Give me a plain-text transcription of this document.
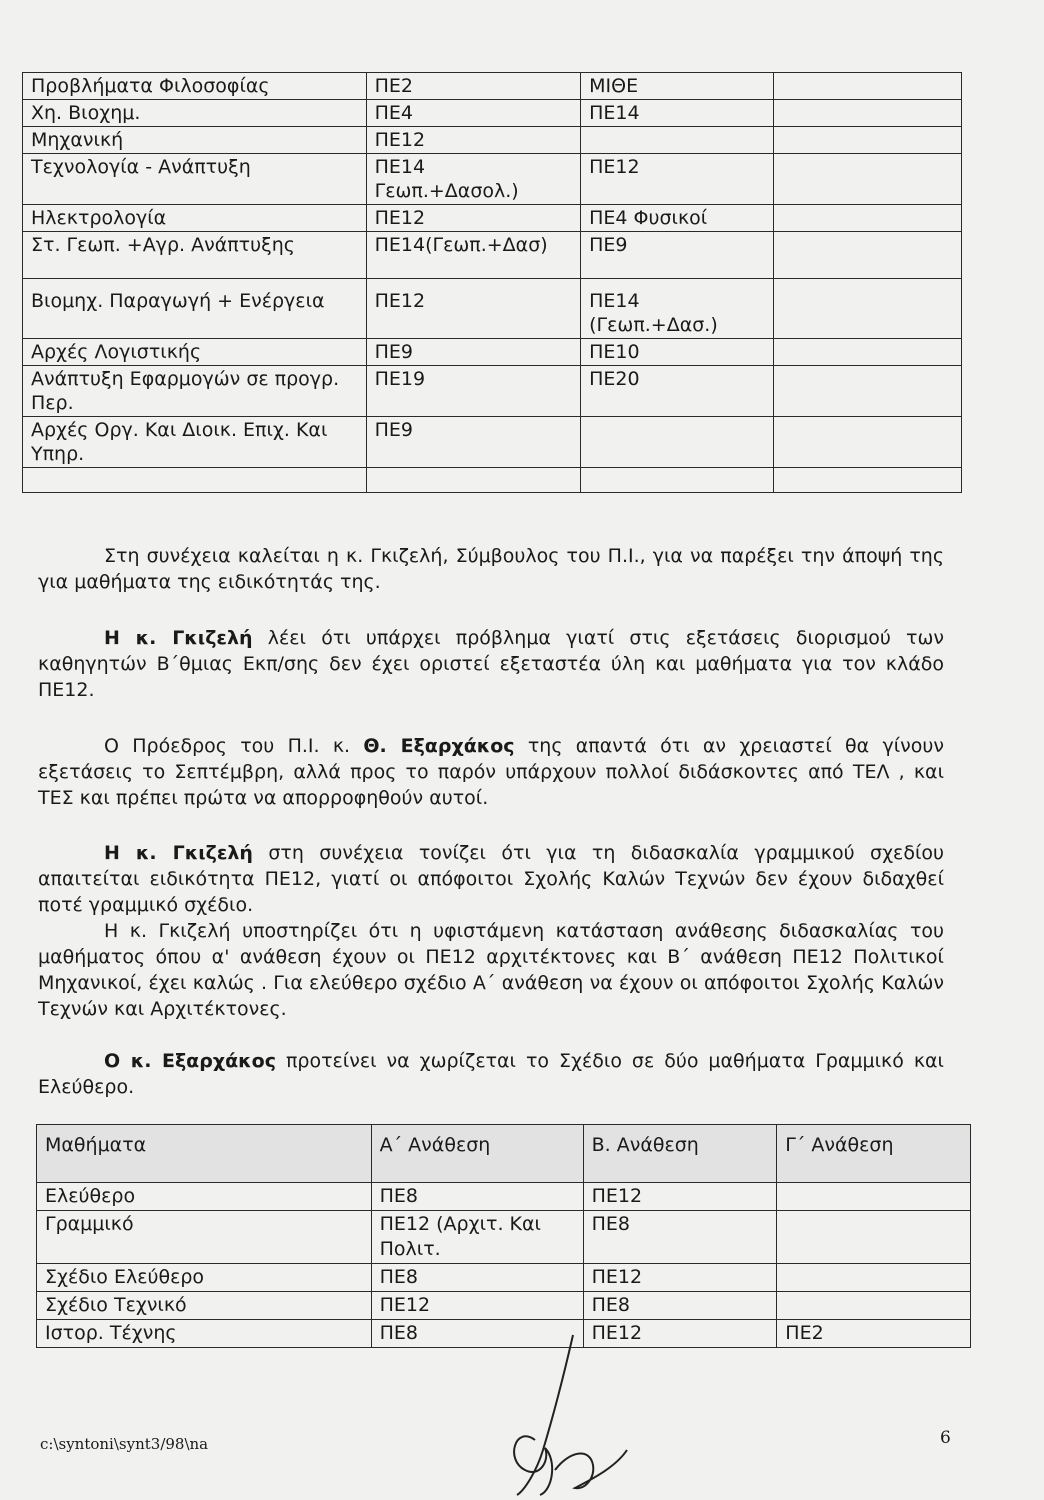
Προβλήματα Φιλοσοφίας	ΠΕ2	ΜΙΘΕ	
Χη. Βιοχημ.	ΠΕ4	ΠΕ14	
Μηχανική	ΠΕ12		
Τεχνολογία - Ανάπτυξη	ΠΕ14 Γεωπ.+Δασολ.)	ΠΕ12	
Ηλεκτρολογία	ΠΕ12	ΠΕ4 Φυσικοί	
Στ. Γεωπ. +Αγρ. Ανάπτυξης	ΠΕ14(Γεωπ.+Δασ)	ΠΕ9	
Βιομηχ. Παραγωγή + Ενέργεια	ΠΕ12	ΠΕ14 (Γεωπ.+Δασ.)	
Αρχές Λογιστικής	ΠΕ9	ΠΕ10	
Ανάπτυξη Εφαρμογών σε προγρ. Περ.	ΠΕ19	ΠΕ20	
Αρχές Οργ. Και Διοικ. Επιχ. Και Υπηρ.	ΠΕ9		

Στη συνέχεια καλείται η κ. Γκιζελή, Σύμβουλος του Π.Ι., για να παρέξει την άποψή της για μαθήματα της ειδικότητάς της.
Η κ. Γκιζελή λέει ότι υπάρχει πρόβλημα γιατί στις εξετάσεις διορισμού των καθηγητών Β΄θμιας Εκπ/σης δεν έχει οριστεί εξεταστέα ύλη και μαθήματα για τον κλάδο ΠΕ12.
Ο Πρόεδρος του Π.Ι. κ. Θ. Εξαρχάκος της απαντά ότι αν χρειαστεί θα γίνουν εξετάσεις το Σεπτέμβρη, αλλά προς το παρόν υπάρχουν πολλοί διδάσκοντες από ΤΕΛ , και ΤΕΣ και πρέπει πρώτα να απορροφηθούν αυτοί.
Η κ. Γκιζελή στη συνέχεια τονίζει ότι για τη διδασκαλία γραμμικού σχεδίου απαιτείται ειδικότητα ΠΕ12, γιατί οι απόφοιτοι Σχολής Καλών Τεχνών δεν έχουν διδαχθεί ποτέ γραμμικό σχέδιο.
Η κ. Γκιζελή υποστηρίζει ότι η υφιστάμενη κατάσταση ανάθεσης διδασκαλίας του μαθήματος όπου α' ανάθεση έχουν οι ΠΕ12 αρχιτέκτονες και Β΄ ανάθεση ΠΕ12 Πολιτικοί Μηχανικοί, έχει καλώς . Για ελεύθερο σχέδιο Α΄ ανάθεση να έχουν οι απόφοιτοι Σχολής Καλών Τεχνών και Αρχιτέκτονες.
Ο κ. Εξαρχάκος προτείνει να χωρίζεται το Σχέδιο σε δύο μαθήματα Γραμμικό και Ελεύθερο.
Μαθήματα	Α΄ Ανάθεση	Β. Ανάθεση	Γ΄ Ανάθεση
Ελεύθερο	ΠΕ8	ΠΕ12	
Γραμμικό	ΠΕ12 (Αρχιτ. Και Πολιτ.	ΠΕ8	
Σχέδιο Ελεύθερο	ΠΕ8	ΠΕ12	
Σχέδιο Τεχνικό	ΠΕ12	ΠΕ8	
Ιστορ. Τέχνης	ΠΕ8	ΠΕ12	ΠΕ2
c:\syntoni\synt3/98\na	6
